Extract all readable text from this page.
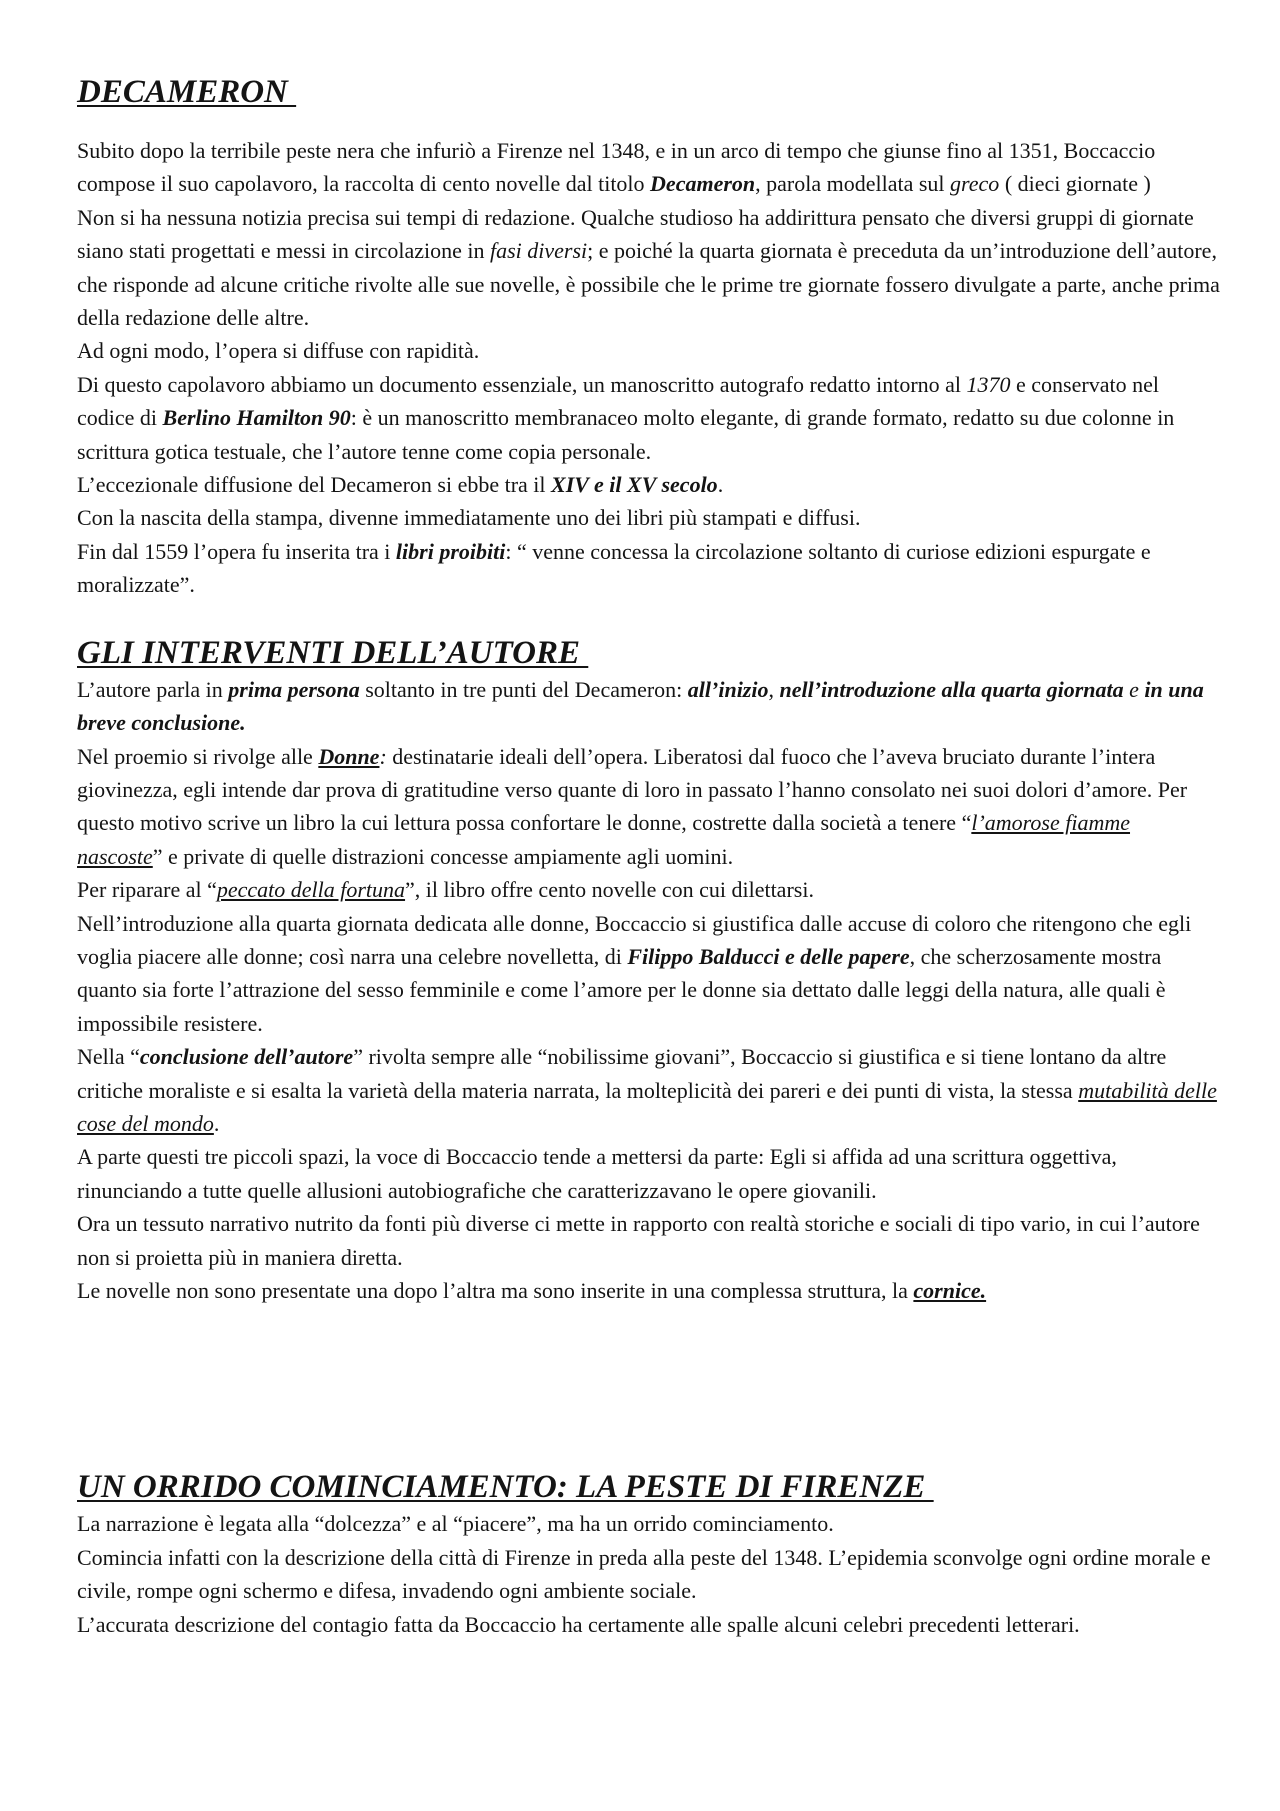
DECAMERON

Subito dopo la terribile peste nera che infuriò a Firenze nel 1348, e in un arco di tempo che giunse fino al 1351, Boccaccio compose il suo capolavoro, la raccolta di cento novelle dal titolo Decameron, parola modellata sul greco ( dieci giornate )

Non si ha nessuna notizia precisa sui tempi di redazione. Qualche studioso ha addirittura pensato che diversi gruppi di giornate siano stati progettati e messi in circolazione in fasi diversi; e poiché la quarta giornata è preceduta da un’introduzione dell’autore, che risponde ad alcune critiche rivolte alle sue novelle, è possibile che le prime tre giornate fossero divulgate a parte, anche prima della redazione delle altre.

Ad ogni modo, l’opera si diffuse con rapidità.

Di questo capolavoro abbiamo un documento essenziale, un manoscritto autografo redatto intorno al 1370 e conservato nel codice di Berlino Hamilton 90: è un manoscritto membranaceo molto elegante, di grande formato, redatto su due colonne in scrittura gotica testuale, che l’autore tenne come copia personale.

L’eccezionale diffusione del Decameron si ebbe tra il XIV e il XV secolo.

Con la nascita della stampa, divenne immediatamente uno dei libri più stampati e diffusi.

Fin dal 1559 l’opera fu inserita tra i libri proibiti: “ venne concessa la circolazione soltanto di curiose edizioni espurgate e moralizzate”.

GLI INTERVENTI DELL’AUTORE

L’autore parla in prima persona soltanto in tre punti del Decameron: all’inizio, nell’introduzione alla quarta giornata e in una breve conclusione.

Nel proemio si rivolge alle Donne: destinatarie ideali dell’opera. Liberatosi dal fuoco che l’aveva bruciato durante l’intera giovinezza, egli intende dar prova di gratitudine verso quante di loro in passato l’hanno consolato nei suoi dolori d’amore. Per questo motivo scrive un libro la cui lettura possa confortare le donne, costrette dalla società a tenere “l’amorose fiamme nascoste” e private di quelle distrazioni concesse ampiamente agli uomini.

Per riparare al “peccato della fortuna”, il libro offre cento novelle con cui dilettarsi.

Nell’introduzione alla quarta giornata dedicata alle donne, Boccaccio si giustifica dalle accuse di coloro che ritengono che egli voglia piacere alle donne; così narra una celebre novelletta, di Filippo Balducci e delle papere, che scherzosamente mostra quanto sia forte l’attrazione del sesso femminile e come l’amore per le donne sia dettato dalle leggi della natura, alle quali è impossibile resistere.

Nella “conclusione dell’autore” rivolta sempre alle “nobilissime giovani”, Boccaccio si giustifica e si tiene lontano da altre critiche moraliste e si esalta la varietà della materia narrata, la molteplicità dei pareri e dei punti di vista, la stessa mutabilità delle cose del mondo.

A parte questi tre piccoli spazi, la voce di Boccaccio tende a mettersi da parte: Egli si affida ad una scrittura oggettiva, rinunciando a tutte quelle allusioni autobiografiche che caratterizzavano le opere giovanili.

Ora un tessuto narrativo nutrito da fonti più diverse ci mette in rapporto con realtà storiche e sociali di tipo vario, in cui l’autore non si proietta più in maniera diretta.

Le novelle non sono presentate una dopo l’altra ma sono inserite in una complessa struttura, la cornice.

UN ORRIDO COMINCIAMENTO: LA PESTE DI FIRENZE

La narrazione è legata alla “dolcezza” e al “piacere”, ma ha un orrido cominciamento.

Comincia infatti con la descrizione della città di Firenze in preda alla peste del 1348. L’epidemia sconvolge ogni ordine morale e civile, rompe ogni schermo e difesa, invadendo ogni ambiente sociale.

L’accurata descrizione del contagio fatta da Boccaccio ha certamente alle spalle alcuni celebri precedenti letterari.
